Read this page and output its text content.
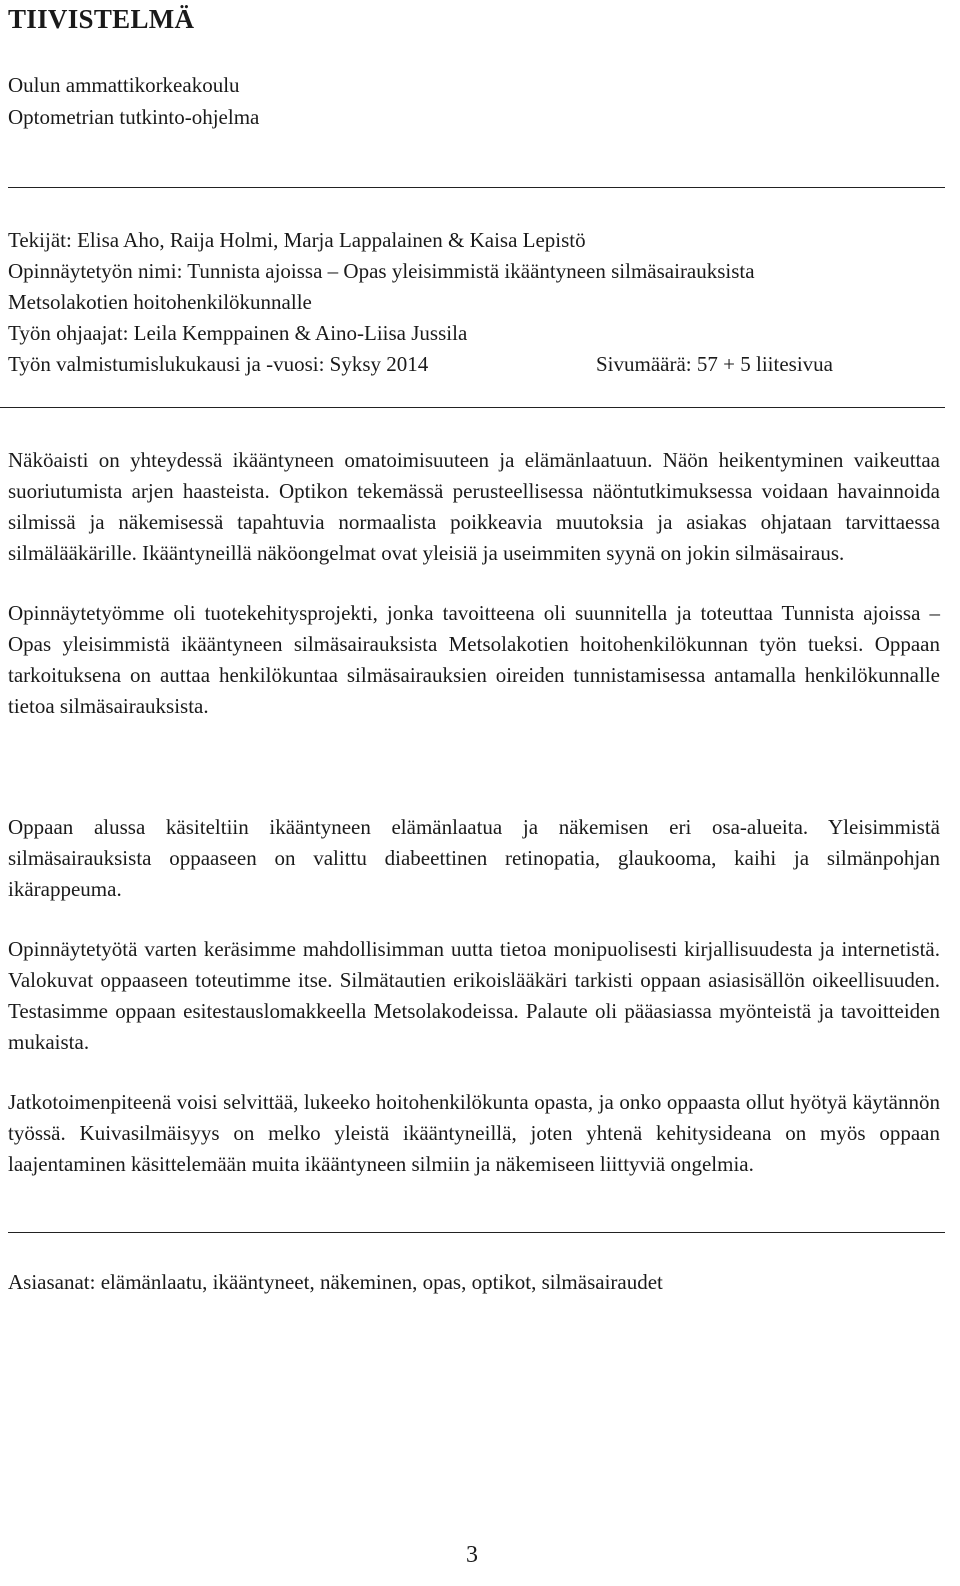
TIIVISTELMÄ
Oulun ammattikorkeakoulu
Optometrian tutkinto-ohjelma
Tekijät: Elisa Aho, Raija Holmi, Marja Lappalainen & Kaisa Lepistö
Opinnäytetyön nimi: Tunnista ajoissa – Opas yleisimmistä ikääntyneen silmäsairauksista
Metsolakotien hoitohenkilökunnalle
Työn ohjaajat: Leila Kemppainen & Aino-Liisa Jussila
Työn valmistumislukukausi ja -vuosi: Syksy 2014	Sivumäärä: 57 + 5 liitesivua

Näköaisti on yhteydessä ikääntyneen omatoimisuuteen ja elämänlaatuun. Näön heikentyminen vaikeuttaa suoriutumista arjen haasteista. Optikon tekemässä perusteellisessa näöntutkimuksessa voidaan havainnoida silmissä ja näkemisessä tapahtuvia normaalista poikkeavia muutoksia ja asiakas ohjataan tarvittaessa silmälääkärille. Ikääntyneillä näköongelmat ovat yleisiä ja useimmiten syynä on jokin silmäsairaus.

Opinnäytetyömme oli tuotekehitysprojekti, jonka tavoitteena oli suunnitella ja toteuttaa Tunnista ajoissa – Opas yleisimmistä ikääntyneen silmäsairauksista Metsolakotien hoitohenkilökunnan työn tueksi. Oppaan tarkoituksena on auttaa henkilökuntaa silmäsairauksien oireiden tunnistamisessa antamalla henkilökunnalle tietoa silmäsairauksista.

Oppaan alussa käsiteltiin ikääntyneen elämänlaatua ja näkemisen eri osa-alueita. Yleisimmistä silmäsairauksista oppaaseen on valittu diabeettinen retinopatia, glaukooma, kaihi ja silmänpohjan ikärappeuma.

Opinnäytetyötä varten keräsimme mahdollisimman uutta tietoa monipuolisesti kirjallisuudesta ja internetistä. Valokuvat oppaaseen toteutimme itse. Silmätautien erikoislääkäri tarkisti oppaan asiasisällön oikeellisuuden. Testasimme oppaan esitestauslomakkeella Metsolakodeissa. Palaute oli pääasiassa myönteistä ja tavoitteiden mukaista.

Jatkotoimenpiteenä voisi selvittää, lukeeko hoitohenkilökunta opasta, ja onko oppaasta ollut hyötyä käytännön työssä. Kuivasilmäisyys on melko yleistä ikääntyneillä, joten yhtenä kehitysideana on myös oppaan laajentaminen käsittelemään muita ikääntyneen silmiin ja näkemiseen liittyviä ongelmia.

Asiasanat: elämänlaatu, ikääntyneet, näkeminen, opas, optikot, silmäsairaudet
3
